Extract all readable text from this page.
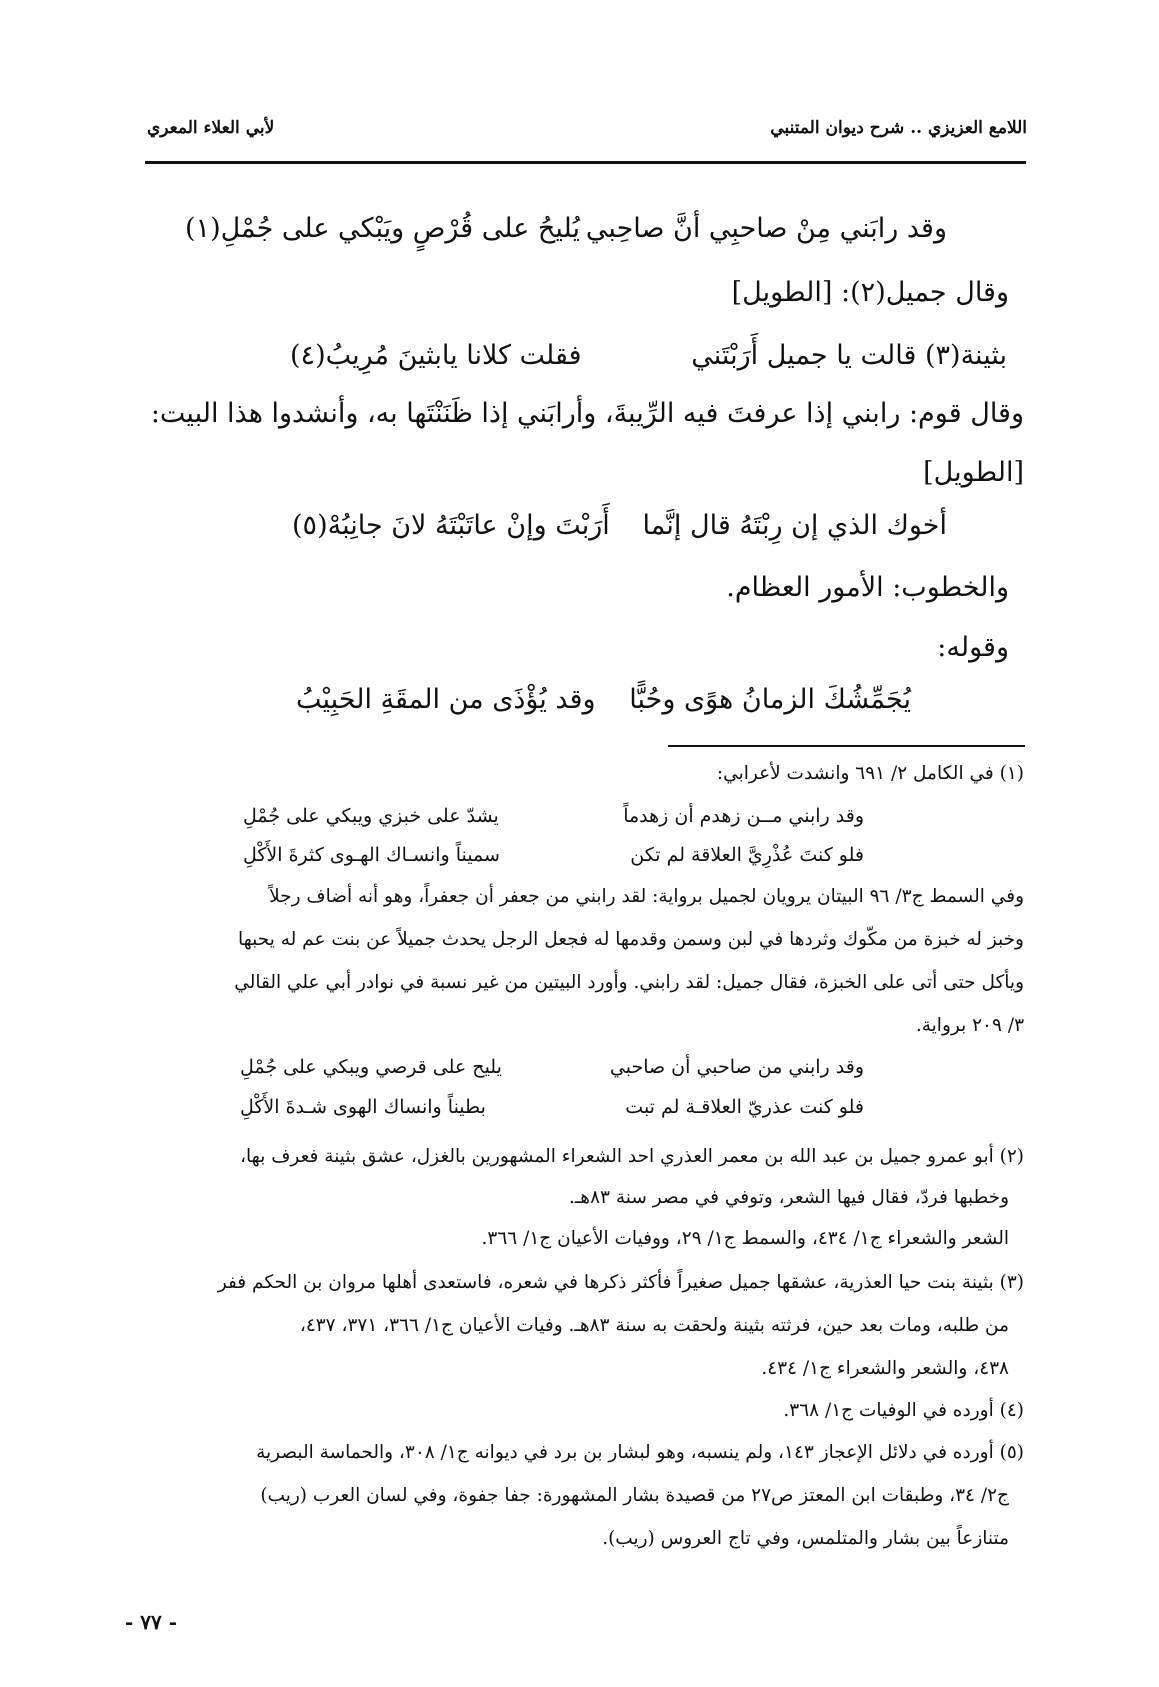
اللامع العزيزي .. شرح ديوان المتنبي
لأبي العلاء المعري
وقد رابَني مِنْ صاحبِي أنَّ صاحِبي
يُليحُ على قُرْصٍ ويَبْكي على جُمْلِ(١)
وقال جميل(٢): [الطويل]
بثينة(٣) قالت يا جميل أَرَبْتَني
فقلت كلانا يابثينَ مُرِيبُ(٤)
وقال قوم: رابني إذا عرفتَ فيه الرِّيبةَ، وأرابَني إذا ظَنَنْتَها به، وأنشدوا هذا البيت:
[الطويل]
أخوك الذي إن رِبْتَهُ قال إنَّما
أَرَبْتَ وإنْ عاتَبْتَهُ لانَ جانِبُهْ(٥)
والخطوب: الأمور العظام.
وقوله:
يُجَمِّشُكَ الزمانُ هوًى وحُبًّا
وقد يُؤْذَى من المقَةِ الحَبِيْبُ
(١) في الكامل ٢/ ٦٩١ وانشدت لأعرابي:
وقد رابني مــن زهدم أن زهدماً
يشدّ على خبزي ويبكي على جُمْلِ
فلو كنتَ عُذْرِيَّ العلاقة لم تكن
سميناً وانسـاك الهـوى كثرةَ الأَكْلِ
وفي السمط ج٣/ ٩٦ البيتان يرويان لجميل برواية: لقد رابني من جعفر أن جعفراً، وهو أنه أضاف رجلاً
وخبز له خبزة من مكّوك وثردها في لبن وسمن وقدمها له فجعل الرجل يحدث جميلاً عن بنت عم له يحبها
ويأكل حتى أتى على الخبزة، فقال جميل: لقد رابني. وأورد البيتين من غير نسبة في نوادر أبي علي القالي
٣/ ٢٠٩ برواية.
وقد رابني من صاحبي أن صاحبي
يليح على قرصي ويبكي على جُمْلِ
فلو كنت عذريّ العلاقـة لم تبت
بطيناً وانساك الهوى شـدةَ الأَكْلِ
(٢) أبو عمرو جميل بن عبد الله بن معمر العذري احد الشعراء المشهورين بالغزل، عشق بثينة فعرف بها،
وخطبها فردّ، فقال فيها الشعر، وتوفي في مصر سنة ٨٣هـ.
الشعر والشعراء ج١/ ٤٣٤، والسمط ج١/ ٢٩، ووفيات الأعيان ج١/ ٣٦٦.
(٣) بثينة بنت حيا العذرية، عشقها جميل صغيراً فأكثر ذكرها في شعره، فاستعدى أهلها مروان بن الحكم ففر
من طلبه، ومات بعد حين، فرثته بثينة ولحقت به سنة ٨٣هـ. وفيات الأعيان ج١/ ٣٦٦، ٣٧١، ٤٣٧،
٤٣٨، والشعر والشعراء ج١/ ٤٣٤.
(٤) أورده في الوفيات ج١/ ٣٦٨.
(٥) أورده في دلائل الإعجاز ١٤٣، ولم ينسبه، وهو لبشار بن برد في ديوانه ج١/ ٣٠٨، والحماسة البصرية
ج٢/ ٣٤، وطبقات ابن المعتز ص٢٧ من قصيدة بشار المشهورة: جفا جفوة، وفي لسان العرب (ريب)
متنازعاً بين بشار والمتلمس، وفي تاج العروس (ريب).
- ٧٧ -
